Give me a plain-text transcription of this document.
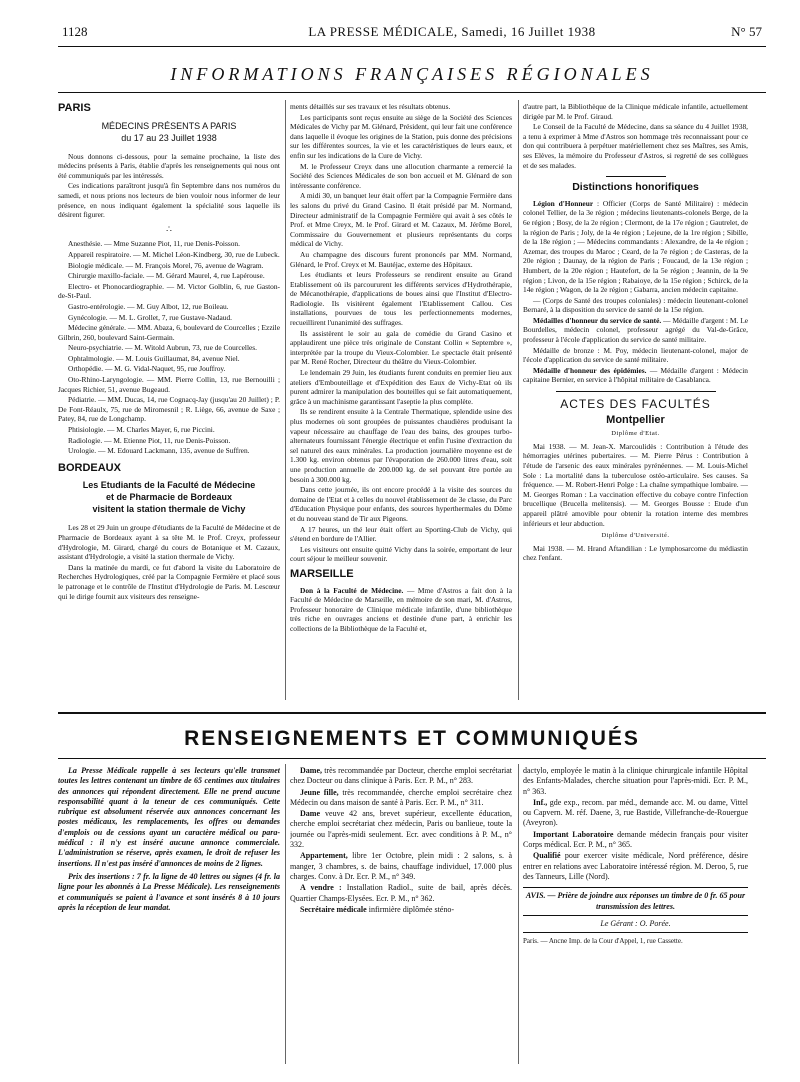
1128	LA PRESSE MÉDICALE, Samedi, 16 Juillet 1938	N° 57
INFORMATIONS FRANÇAISES RÉGIONALES
PARIS
MÉDECINS PRÉSENTS A PARIS
du 17 au 23 Juillet 1938

Nous donnons ci-dessous, pour la semaine prochaine, la liste des médecins présents à Paris, établie d'après les renseignements qui nous ont été communiqués par les intéressés.

Ces indications paraîtront jusqu'à fin Septembre dans nos numéros du samedi, et nous prions nos lecteurs de bien vouloir nous informer de leur présence, en nous indiquant également la spécialité sous laquelle ils désirent figurer.

∴

Anesthésie. — Mme Suzanne Piot, 11, rue Denis-Poisson.

Appareil respiratoire. — M. Michel Léon-Kindberg, 30, rue de Lubeck.

Biologie médicale. — M. François Morel, 76, avenue de Wagram.

Chirurgie maxillo-faciale. — M. Gérard Maurel, 4, rue Lapérouse.

Electro- et Phonocardiographie. — M. Victor Golblin, 6, rue Gaston-de-St-Paul.

Gastro-entérologie. — M. Guy Albot, 12, rue Boileau.

Gynécologie. — M. L. Grollet, 7, rue Gustave-Nadaud.

Médecine générale. — MM. Abaza, 6, boulevard de Courcelles ; Ezzile Gilbrin, 260, boulevard Saint-Germain.

Neuro-psychiatrie. — M. Witold Aubrun, 73, rue de Courcelles.

Ophtalmologie. — M. Louis Guillaumat, 84, avenue Niel.

Orthopédie. — M. G. Vidal-Naquet, 95, rue Jouffroy.

Oto-Rhino-Laryngologie. — MM. Pierre Collin, 13, rue Bernouilli ; Jacques Richier, 51, avenue Bugeaud.

Pédiatrie. — MM. Ducas, 14, rue Cognacq-Jay (jusqu'au 20 Juillet) ; P. De Font-Réaulx, 75, rue de Miromesnil ; R. Liège, 66, avenue de Saxe ; Patey, 84, rue de Longchamp.

Phtisiologie. — M. Charles Mayer, 6, rue Piccini.

Radiologie. — M. Etienne Piot, 11, rue Denis-Poisson.

Urologie. — M. Edouard Lackmann, 135, avenue de Suffren.

BORDEAUX
Les Etudiants de la Faculté de Médecine
et de Pharmacie de Bordeaux
visitent la station thermale de Vichy

Les 28 et 29 Juin un groupe d'étudiants de la Faculté de Médecine et de Pharmacie de Bordeaux ayant à sa tête M. le Prof. Creyx, professeur d'Hydrologie, M. Girard, chargé du cours de Botanique et M. Cazaux, assistant d'Hydrologie, a visité la station thermale de Vichy.

Dans la matinée du mardi, ce fut d'abord la visite du Laboratoire de Recherches Hydrologiques, créé par la Compagnie Fermière et placé sous le patronage et le contrôle de l'Institut d'Hydrologie de Paris. M. Lescœur qui le dirige fournit aux visiteurs des renseigne-

ments détaillés sur ses travaux et les résultats obtenus.

Les participants sont reçus ensuite au siège de la Société des Sciences Médicales de Vichy par M. Glénard, Président, qui leur fait une conférence dans laquelle il évoque les origines de la Station, puis donne des précisions sur les différentes sources, la vie et les caractéristiques de leurs eaux, et enfin sur les indications de la Cure de Vichy.

M. le Professeur Creyx dans une allocution charmante a remercié la Société des Sciences Médicales de son bon accueil et M. Glénard de son intéressante conférence.

A midi 30, un banquet leur était offert par la Compagnie Fermière dans les salons du privé du Grand Casino. Il était présidé par M. Normand, Directeur administratif de la Compagnie Fermière qui avait à ses côtés le Prof. et Mme Creyx, M. le Prof. Girard et M. Cazaux, M. Jérôme Borel, Commissaire du Gouvernement et plusieurs représentants du corps médical de Vichy.

Au champagne des discours furent prononcés par MM. Normand, Glénard, le Prof. Creyx et M. Bautéjac, externe des Hôpitaux.

Les étudiants et leurs Professeurs se rendirent ensuite au Grand Etablissement où ils parcoururent les différents services d'Hydrothérapie, de Mécanothérapie, d'applications de boues ainsi que l'Institut d'Electro-Radiologie. Ils visitèrent également l'Etablissement Callou. Ces installations, pourvues de tous les perfectionnements modernes, recueillirent l'unanimité des suffrages.

Ils assistèrent le soir au gala de comédie du Grand Casino et applaudirent une pièce très originale de Constant Collin « Septembre », interprétée par la troupe du Vieux-Colombier. Le spectacle était présenté par M. René Rocher, Directeur du théâtre du Vieux-Colombier.

Le lendemain 29 Juin, les étudiants furent conduits en premier lieu aux ateliers d'Embouteillage et d'Expédition des Eaux de Vichy-Etat où ils purent admirer la manipulation des bouteilles qui se fait automatiquement, grâce à un machinisme garantissant l'aseptie la plus complète.

Ils se rendirent ensuite à la Centrale Thermatique, splendide usine des plus modernes où sont groupées de puissantes chaudières produisant la vapeur nécessaire au chauffage de l'eau des bains, des groupes turbo-alternateurs fournissant l'énergie électrique et enfin l'usine d'extraction du sel naturel des eaux minérales. La production journalière moyenne est de 1.300 kg. environ obtenus par l'évaporation de 260.000 litres d'eau, soit une production annuelle de 200.000 kg. de sel pouvant être portée au besoin à 300.000 kg.

Dans cette journée, ils ont encore procédé à la visite des sources du domaine de l'Etat et à celles du nouvel établissement de 3e classe, du Parc d'Education Physique pour enfants, des sources hyperthermales du Dôme et du nouveau stand de Tir aux Pigeons.

A 17 heures, un thé leur était offert au Sporting-Club de Vichy, qui s'étend en bordure de l'Allier.

Les visiteurs ont ensuite quitté Vichy dans la soirée, emportant de leur court séjour le meilleur souvenir.

MARSEILLE

Don à la Faculté de Médecine. — Mme d'Astros a fait don à la Faculté de Médecine de Marseille, en mémoire de son mari, M. d'Astros, Professeur honoraire de Clinique médicale infantile, d'une bibliothèque très riche en ouvrages anciens et destinée d'une part, à enrichir les collections de la Bibliothèque de la Faculté et,

d'autre part, la Bibliothèque de la Clinique médicale infantile, actuellement dirigée par M. le Prof. Giraud.

Le Conseil de la Faculté de Médecine, dans sa séance du 4 Juillet 1938, a tenu à exprimer à Mme d'Astros son hommage très reconnaissant pour ce don qui contribuera à perpétuer matériellement chez ses Maîtres, ses Amis, ses Elèves, la mémoire du Professeur d'Astros, si regretté de ses collègues et de ses malades.

Distinctions honorifiques

Légion d'Honneur : Officier (Corps de Santé Militaire) : médecin colonel Tellier, de la 3e région ; médecins lieutenants-colonels Berge, de la 6e région ; Bosy, de la 2e région ; Clermont, de la 17e région ; Gautrelet, de la région de Paris ; Joly, de la 4e région ; Lejeune, de la 1re région ; Sibille, de la 18e région ; — Médecins commandants : Alexandre, de la 4e région ; Azemar, des troupes du Maroc ; Ceard, de la 7e région ; de Casteras, de la 20e région ; Daunay, de la région de Paris ; Foucaud, de la 13e région ; Humbert, de la 20e région ; Hautefort, de la 5e région ; Jeannin, de la 9e région ; Livon, de la 15e région ; Rabaioye, de la 15e région ; Schirck, de la 14e région ; Wagon, de la 2e région ; Gabarra, ancien médecin capitaine.

— (Corps de Santé des troupes coloniales) : médecin lieutenant-colonel Bernaré, à la disposition du service de santé de la 15e région.

Médailles d'honneur du service de santé. — Médaille d'argent : M. Le Bourdelles, médecin colonel, professeur agrégé du Val-de-Grâce, professeur à l'école d'application du service de santé militaire.

Médaille de bronze : M. Poy, médecin lieutenant-colonel, major de l'école d'application du service de santé militaire.

Médaille d'honneur des épidémies. — Médaille d'argent : Médecin capitaine Bernier, en service à l'hôpital militaire de Casablanca.

ACTES DES FACULTÉS
Montpellier
Diplôme d'Etat.

Mai 1938. — M. Jean-X. Marcoulidès : Contribution à l'étude des hémorragies utérines pubertaires. — M. Pierre Pérus : Contribution à l'étude de l'arsenic des eaux minérales pyrénéennes. — M. Louis-Michel Sole : La mortalité dans la tuberculose ostéo-articulaire. Ses causes. Sa fréquence. — M. Robert-Henri Polge : La chaîne sympathique lombaire. — M. Georges Roman : La vaccination effective du cobaye contre l'infection brucellique (Brucella melitensis). — M. Georges Bousse : Etude d'un appareil plâtré amovible pour obtenir la rotation interne des membres inférieurs et leur abduction.

Diplôme d'Université.

Mai 1938. — M. Hrand Aftandilian : Le lymphosarcome du médiastin chez l'enfant.

RENSEIGNEMENTS ET COMMUNIQUÉS

La Presse Médicale rappelle à ses lecteurs qu'elle transmet toutes les lettres contenant un timbre de 65 centimes aux titulaires des annonces qui répondent directement. Elle ne prend aucune responsabilité quant à la teneur de ces communiqués. Cette rubrique est absolument réservée aux annonces concernant les postes médicaux, les remplacements, les offres ou demandes d'emplois ou de cessions ayant un caractère médical ou para-médical : il n'y est inséré aucune annonce commerciale. L'administration se réserve, après examen, le droit de refuser les insertions. Il n'est pas inséré d'annonces de moins de 2 lignes.

Prix des insertions : 7 fr. la ligne de 40 lettres ou signes (4 fr. la ligne pour les abonnés à La Presse Médicale). Les renseignements et communiqués se paient à l'avance et sont insérés 8 à 10 jours après la réception de leur mandat.

Dame, très recommandée par Docteur, cherche emploi secrétariat chez Docteur ou dans clinique à Paris. Ecr. P. M., n° 283.

Jeune fille, très recommandée, cherche emploi secrétaire chez Médecin ou dans maison de santé à Paris. Ecr. P. M., n° 311.

Dame veuve 42 ans, brevet supérieur, excellente éducation, cherche emploi secrétariat chez médecin, Paris ou banlieue, toute la journée ou l'après-midi seulement. Ecr. avec conditions à P. M., n° 332.

Appartement, libre 1er Octobre, plein midi : 2 salons, s. à manger, 3 chambres, s. de bains, chauffage individuel, 17.000 plus charges. Conv. à Dr. Ecr. P. M., n° 349.

A vendre : Installation Radiol., suite de bail, après décès. Quartier Champs-Elysées. Ecr. P. M., n° 362.

Secrétaire médicale infirmière diplômée sténo-

dactylo, employée le matin à la clinique chirurgicale infantile Hôpital des Enfants-Malades, cherche situation pour l'après-midi. Ecr. P. M., n° 363.

Inf., gde exp., recom. par méd., demande acc. M. ou dame, Vittel ou Capvern. M. réf. Daene, 3, rue Bastide, Villefranche-de-Rouergue (Aveyron).

Important Laboratoire demande médecin français pour visiter Corps médical. Ecr. P. M., n° 365.

Qualifié pour exercer visite médicale, Nord préférence, désire entrer en relations avec Laboratoire intéressé région. M. Deroo, 5, rue des Tanneurs, Lille (Nord).

AVIS. — Prière de joindre aux réponses un timbre de 0 fr. 65 pour transmission des lettres.

Le Gérant : O. Porée.

Paris. — Ancne Imp. de la Cour d'Appel, 1, rue Cassette.
